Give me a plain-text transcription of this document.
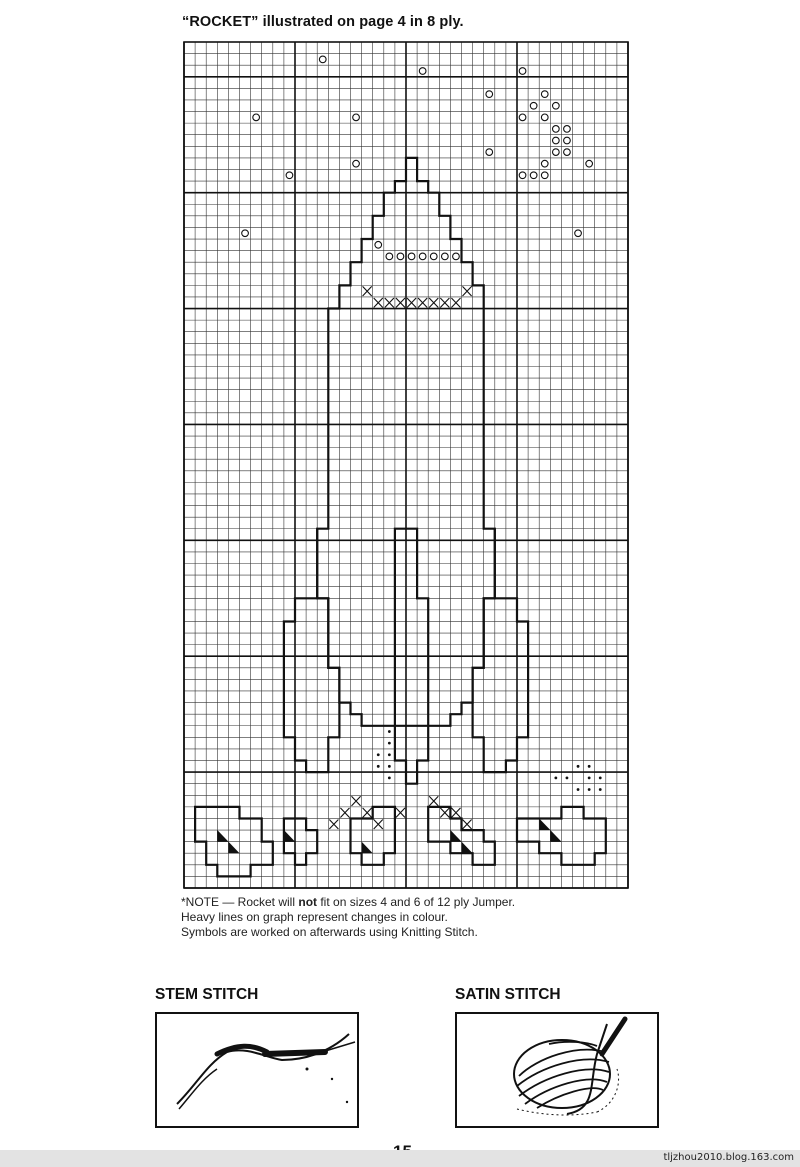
“ROCKET” illustrated on page 4 in 8 ply.

*NOTE — Rocket will not fit on sizes 4 and 6 of 12 ply Jumper.

Heavy lines on graph represent changes in colour.

Symbols are worked on afterwards using Knitting Stitch.

STEM STITCH	SATIN STITCH
tljzhou2010.blog.163.com
